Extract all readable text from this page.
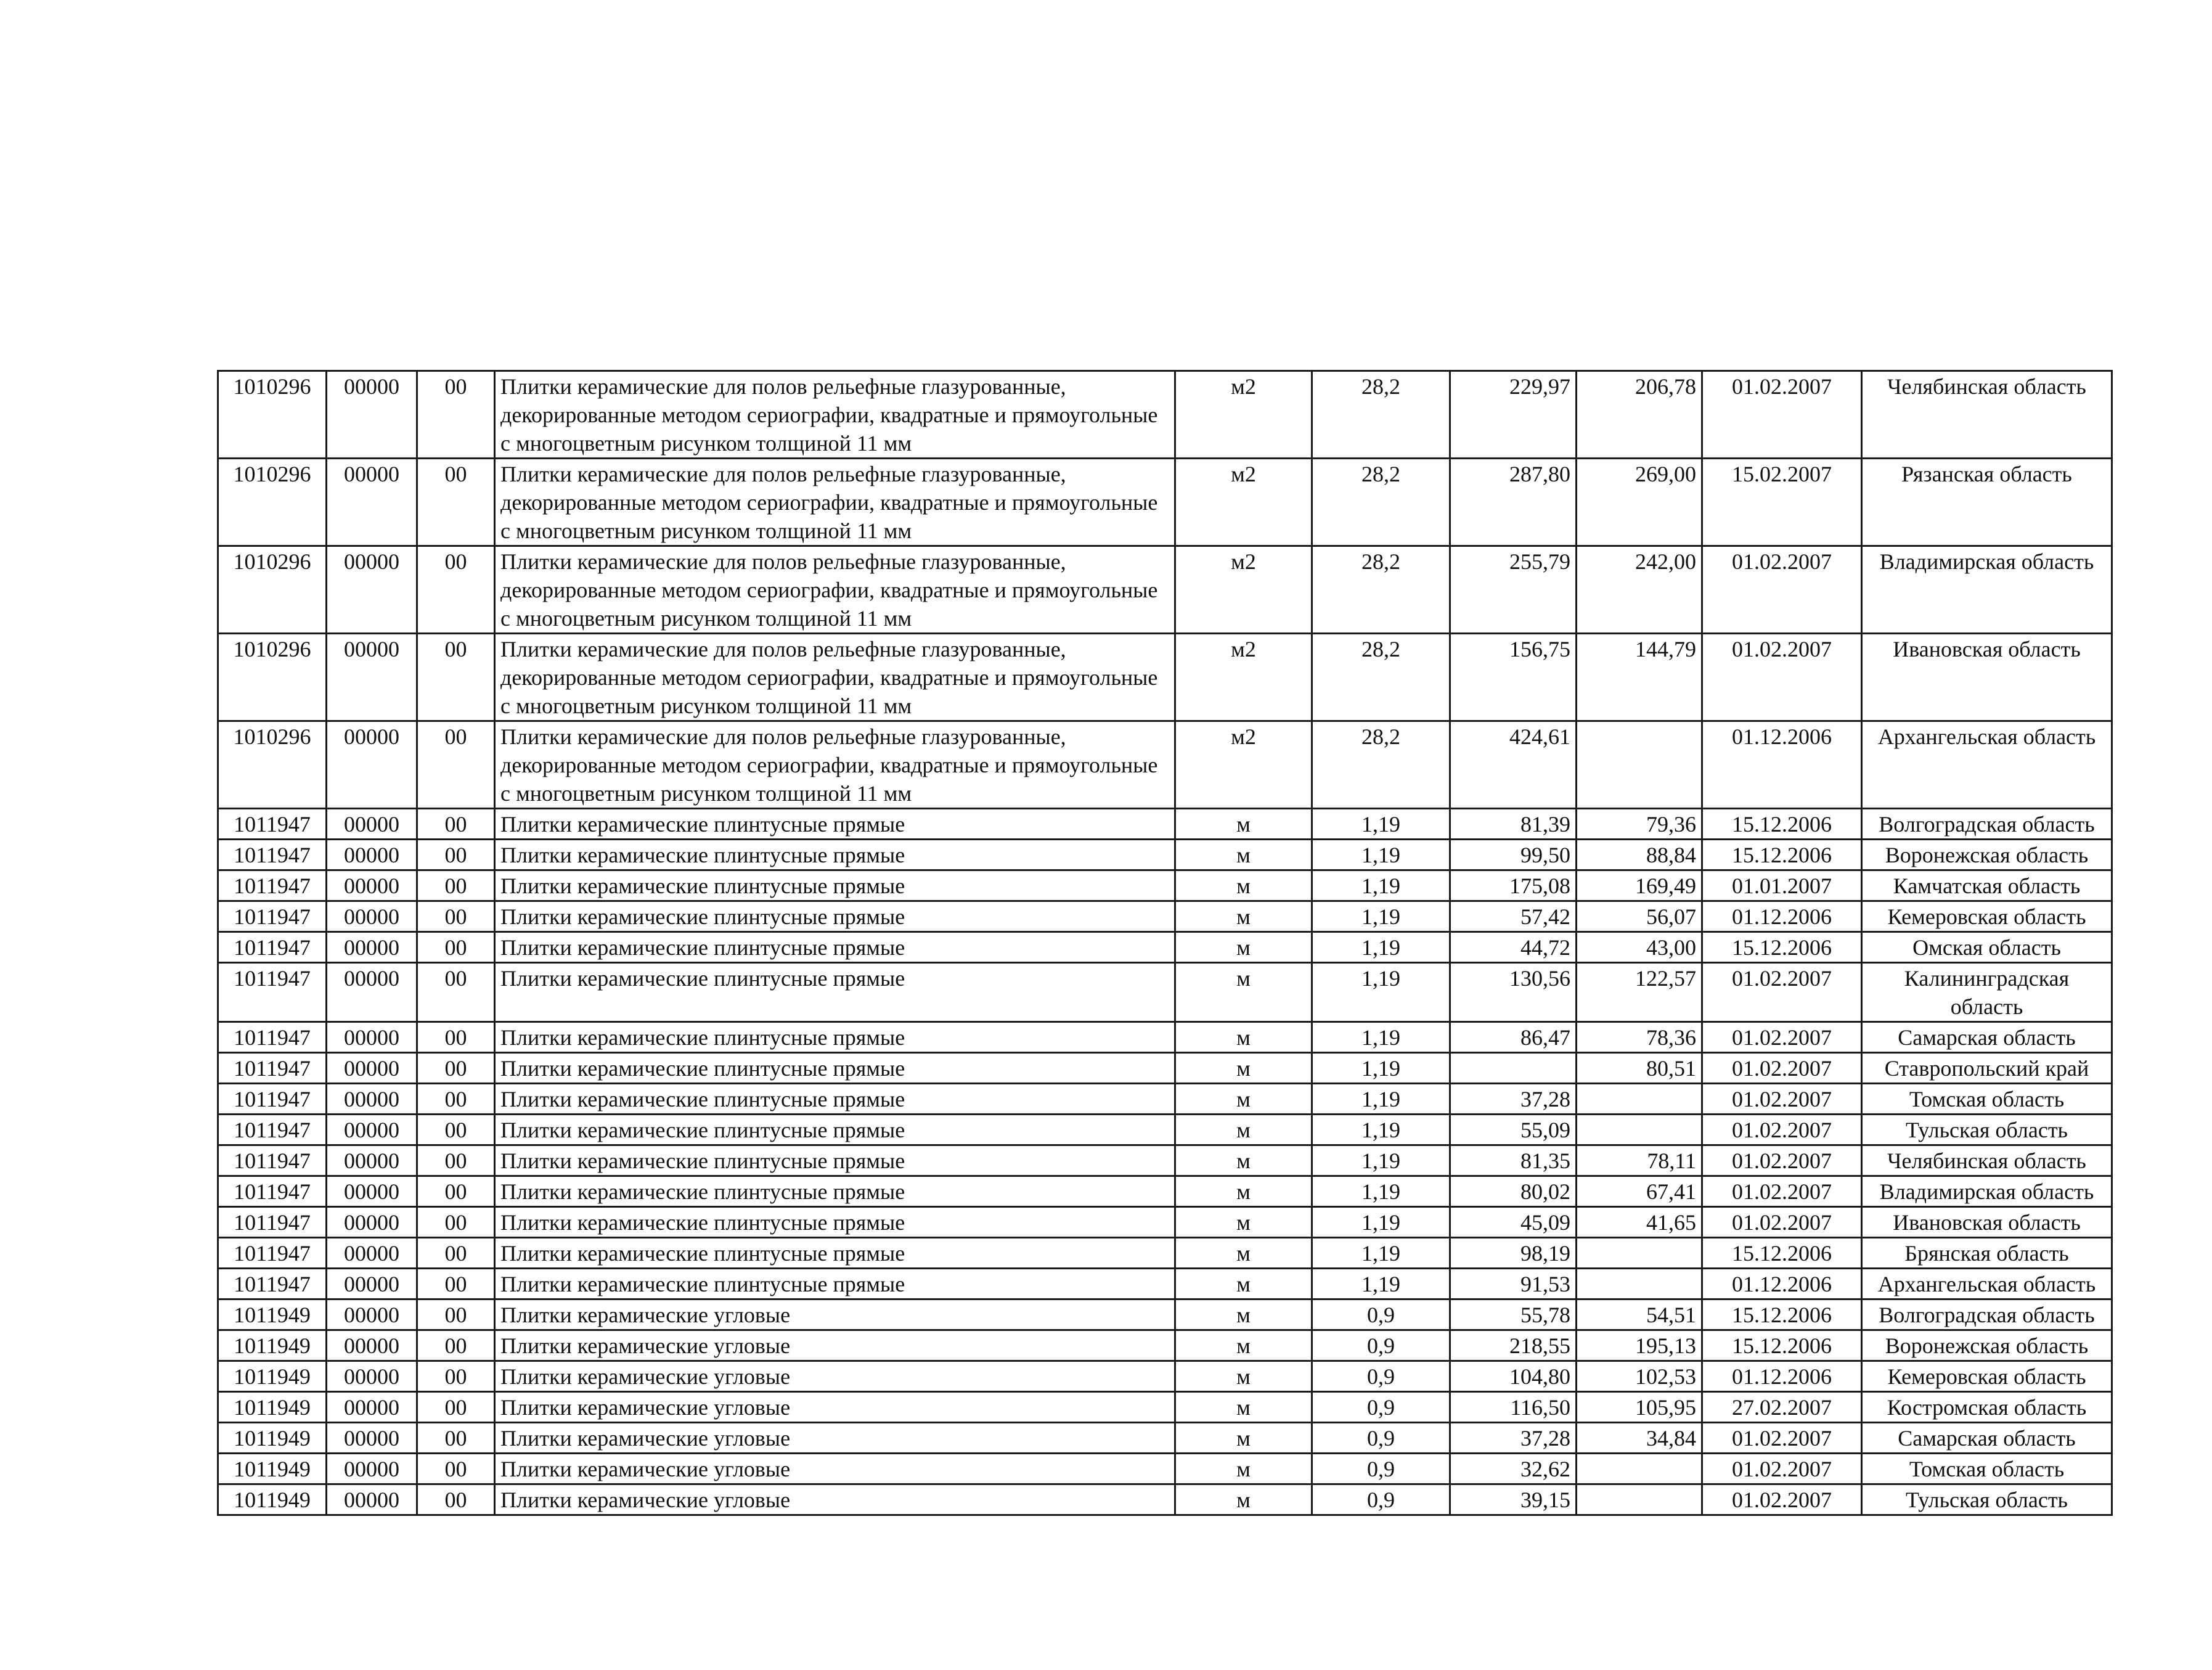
1010296	00000	00	Плитки керамические для полов рельефные глазурованные, декорированные методом сериографии, квадратные и прямоугольные с многоцветным рисунком толщиной 11 мм	м2	28,2	229,97	206,78	01.02.2007	Челябинская область
1010296	00000	00	Плитки керамические для полов рельефные глазурованные, декорированные методом сериографии, квадратные и прямоугольные с многоцветным рисунком толщиной 11 мм	м2	28,2	287,80	269,00	15.02.2007	Рязанская область
1010296	00000	00	Плитки керамические для полов рельефные глазурованные, декорированные методом сериографии, квадратные и прямоугольные с многоцветным рисунком толщиной 11 мм	м2	28,2	255,79	242,00	01.02.2007	Владимирская область
1010296	00000	00	Плитки керамические для полов рельефные глазурованные, декорированные методом сериографии, квадратные и прямоугольные с многоцветным рисунком толщиной 11 мм	м2	28,2	156,75	144,79	01.02.2007	Ивановская область
1010296	00000	00	Плитки керамические для полов рельефные глазурованные, декорированные методом сериографии, квадратные и прямоугольные с многоцветным рисунком толщиной 11 мм	м2	28,2	424,61		01.12.2006	Архангельская область
1011947	00000	00	Плитки керамические плинтусные прямые	м	1,19	81,39	79,36	15.12.2006	Волгоградская область
1011947	00000	00	Плитки керамические плинтусные прямые	м	1,19	99,50	88,84	15.12.2006	Воронежская область
1011947	00000	00	Плитки керамические плинтусные прямые	м	1,19	175,08	169,49	01.01.2007	Камчатская область
1011947	00000	00	Плитки керамические плинтусные прямые	м	1,19	57,42	56,07	01.12.2006	Кемеровская область
1011947	00000	00	Плитки керамические плинтусные прямые	м	1,19	44,72	43,00	15.12.2006	Омская область
1011947	00000	00	Плитки керамические плинтусные прямые	м	1,19	130,56	122,57	01.02.2007	Калининградская область
1011947	00000	00	Плитки керамические плинтусные прямые	м	1,19	86,47	78,36	01.02.2007	Самарская область
1011947	00000	00	Плитки керамические плинтусные прямые	м	1,19		80,51	01.02.2007	Ставропольский край
1011947	00000	00	Плитки керамические плинтусные прямые	м	1,19	37,28		01.02.2007	Томская область
1011947	00000	00	Плитки керамические плинтусные прямые	м	1,19	55,09		01.02.2007	Тульская область
1011947	00000	00	Плитки керамические плинтусные прямые	м	1,19	81,35	78,11	01.02.2007	Челябинская область
1011947	00000	00	Плитки керамические плинтусные прямые	м	1,19	80,02	67,41	01.02.2007	Владимирская область
1011947	00000	00	Плитки керамические плинтусные прямые	м	1,19	45,09	41,65	01.02.2007	Ивановская область
1011947	00000	00	Плитки керамические плинтусные прямые	м	1,19	98,19		15.12.2006	Брянская область
1011947	00000	00	Плитки керамические плинтусные прямые	м	1,19	91,53		01.12.2006	Архангельская область
1011949	00000	00	Плитки керамические угловые	м	0,9	55,78	54,51	15.12.2006	Волгоградская область
1011949	00000	00	Плитки керамические угловые	м	0,9	218,55	195,13	15.12.2006	Воронежская область
1011949	00000	00	Плитки керамические угловые	м	0,9	104,80	102,53	01.12.2006	Кемеровская область
1011949	00000	00	Плитки керамические угловые	м	0,9	116,50	105,95	27.02.2007	Костромская область
1011949	00000	00	Плитки керамические угловые	м	0,9	37,28	34,84	01.02.2007	Самарская область
1011949	00000	00	Плитки керамические угловые	м	0,9	32,62		01.02.2007	Томская область
1011949	00000	00	Плитки керамические угловые	м	0,9	39,15		01.02.2007	Тульская область
